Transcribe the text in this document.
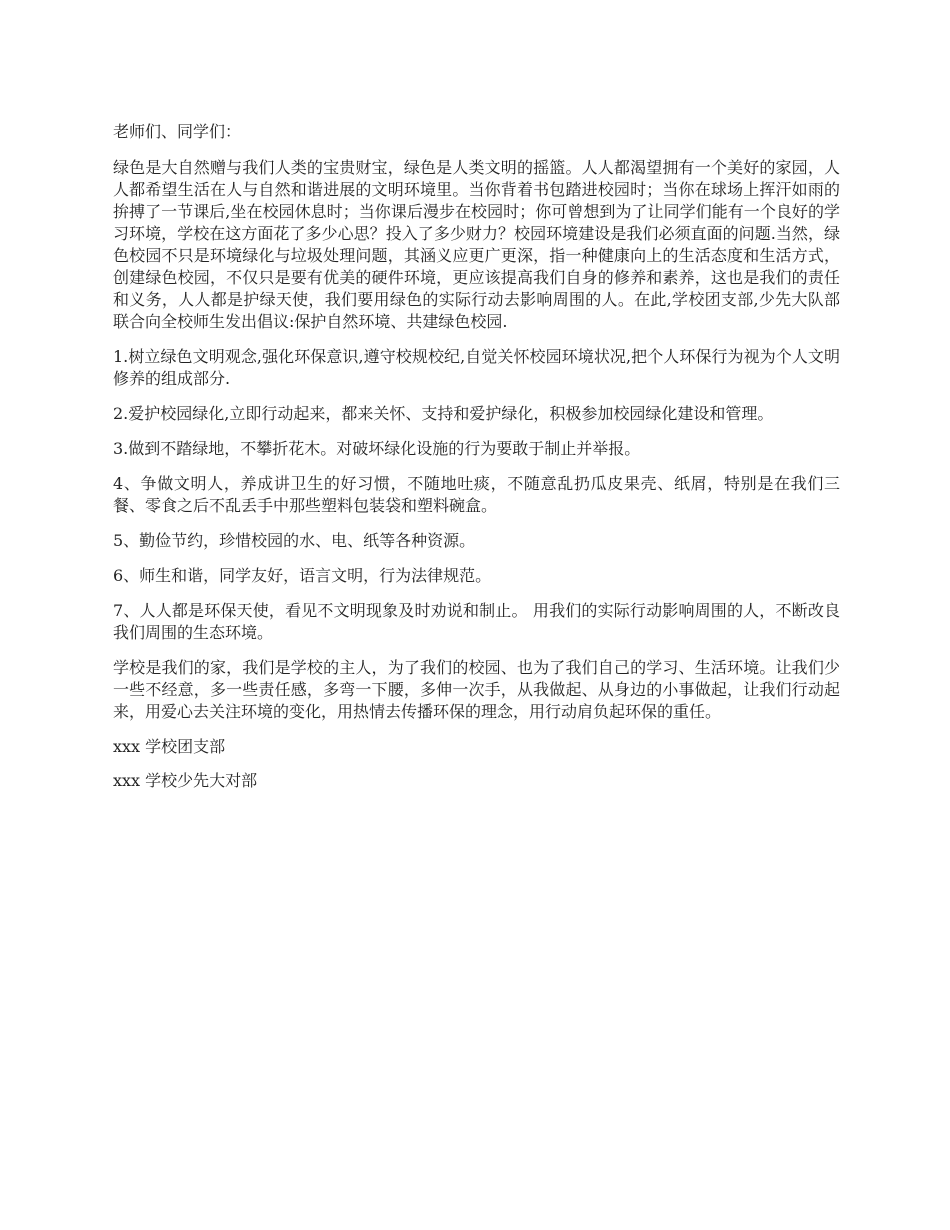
老师们、同学们：

绿色是大自然赠与我们人类的宝贵财宝，绿色是人类文明的摇篮。人人都渴望拥有一个美好的家园，人人都希望生活在人与自然和谐进展的文明环境里。当你背着书包踏进校园时；当你在球场上挥汗如雨的拚搏了一节课后,坐在校园休息时；当你课后漫步在校园时；你可曾想到为了让同学们能有一个良好的学习环境，学校在这方面花了多少心思？投入了多少财力？校园环境建设是我们必须直面的问题.当然，绿色校园不只是环境绿化与垃圾处理问题，其涵义应更广更深，指一种健康向上的生活态度和生活方式，创建绿色校园，不仅只是要有优美的硬件环境，更应该提高我们自身的修养和素养，这也是我们的责任和义务，人人都是护绿天使，我们要用绿色的实际行动去影响周围的人。在此,学校团支部,少先大队部联合向全校师生发出倡议:保护自然环境、共建绿色校园.

1.树立绿色文明观念,强化环保意识,遵守校规校纪,自觉关怀校园环境状况,把个人环保行为视为个人文明修养的组成部分.

2.爱护校园绿化,立即行动起来，都来关怀、支持和爱护绿化，积极参加校园绿化建设和管理。

3.做到不踏绿地，不攀折花木。对破坏绿化设施的行为要敢于制止并举报。

4、争做文明人，养成讲卫生的好习惯，不随地吐痰，不随意乱扔瓜皮果壳、纸屑，特别是在我们三餐、零食之后不乱丢手中那些塑料包装袋和塑料碗盒。

5、勤俭节约，珍惜校园的水、电、纸等各种资源。

6、师生和谐，同学友好，语言文明，行为法律规范。

7、人人都是环保天使，看见不文明现象及时劝说和制止。 用我们的实际行动影响周围的人，不断改良我们周围的生态环境。

学校是我们的家，我们是学校的主人，为了我们的校园、也为了我们自己的学习、生活环境。让我们少一些不经意，多一些责任感，多弯一下腰，多伸一次手，从我做起、从身边的小事做起，让我们行动起来，用爱心去关注环境的变化，用热情去传播环保的理念，用行动肩负起环保的重任。

xxx 学校团支部

xxx 学校少先大对部
